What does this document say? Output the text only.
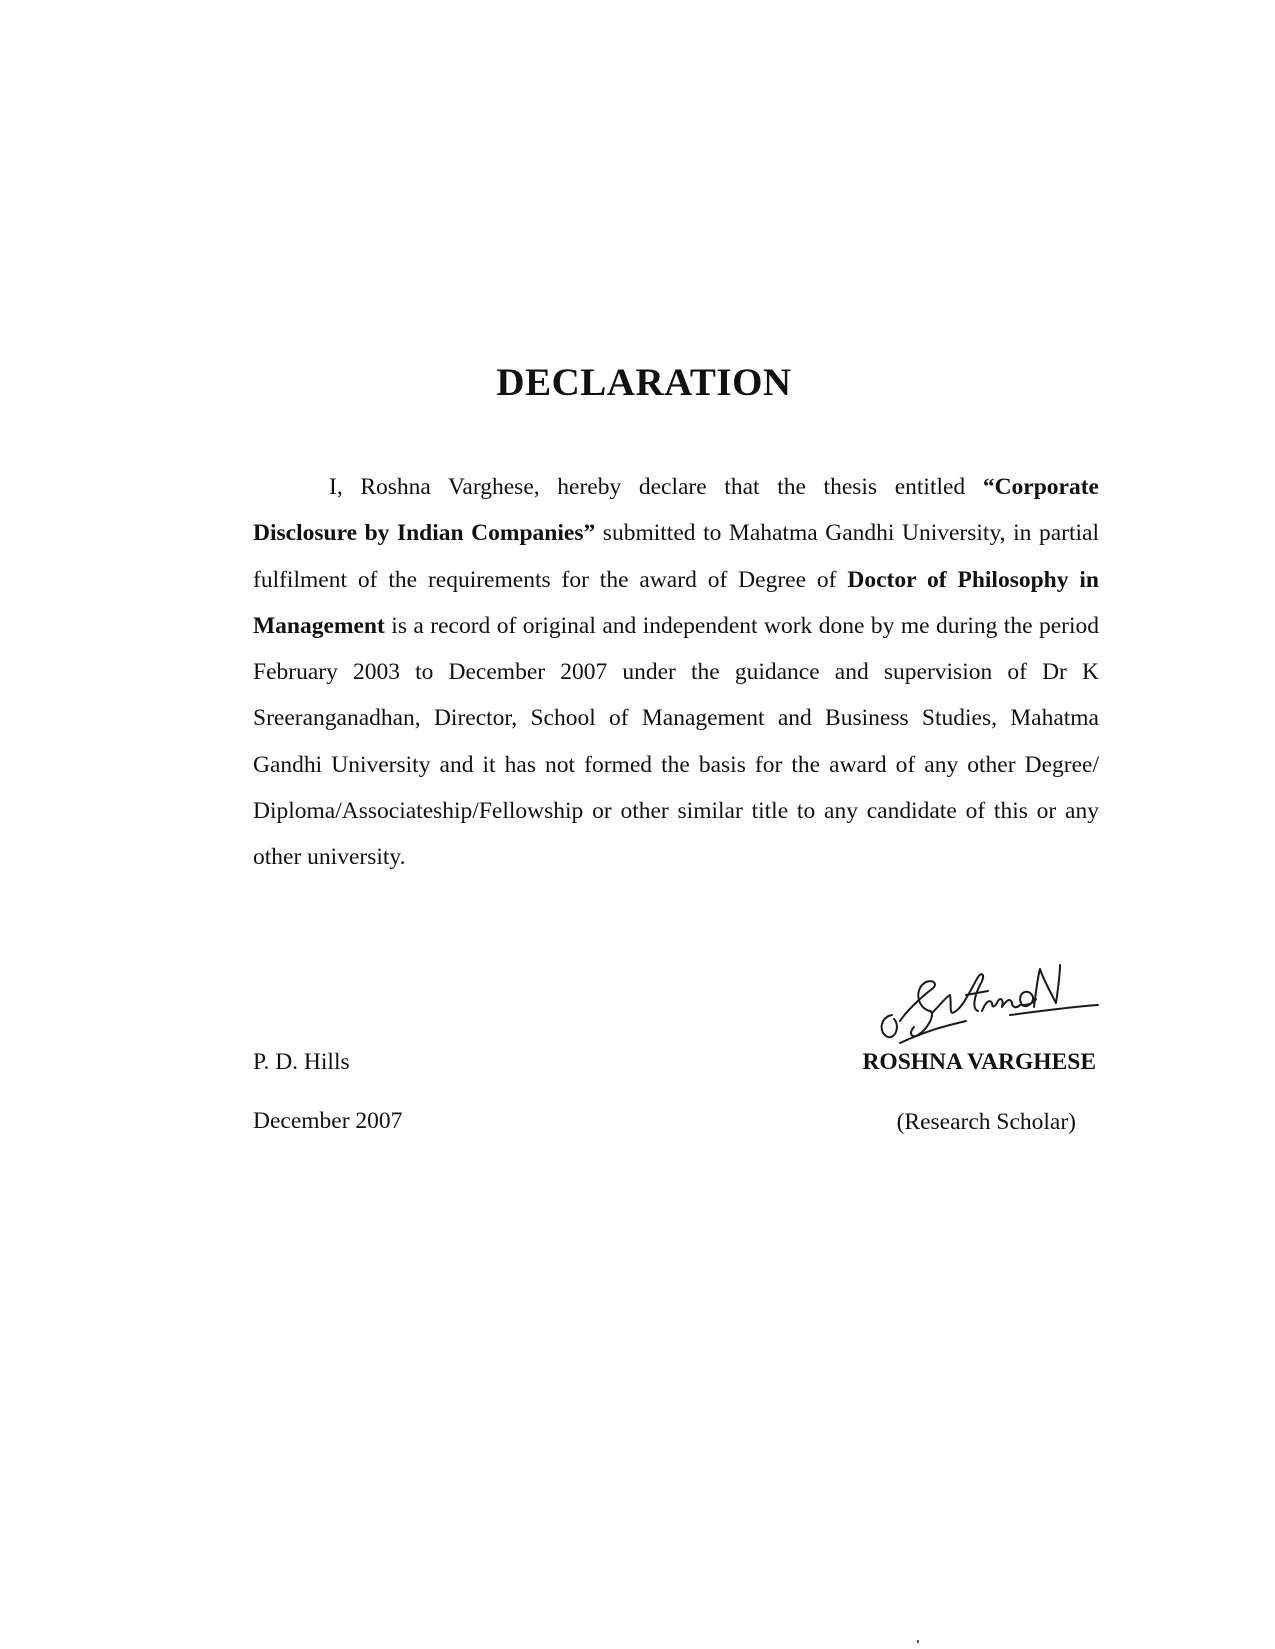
DECLARATION
I, Roshna Varghese, hereby declare that the thesis entitled “Corporate Disclosure by Indian Companies” submitted to Mahatma Gandhi University, in partial fulfilment of the requirements for the award of Degree of Doctor of Philosophy in Management is a record of original and independent work done by me during the period February 2003 to December 2007 under the guidance and supervision of Dr K Sreeranganadhan, Director, School of Management and Business Studies, Mahatma Gandhi University and it has not formed the basis for the award of any other Degree/ Diploma/Associateship/Fellowship or other similar title to any candidate of this or any other university.
P. D. Hills
December 2007
ROSHNA VARGHESE
(Research Scholar)
